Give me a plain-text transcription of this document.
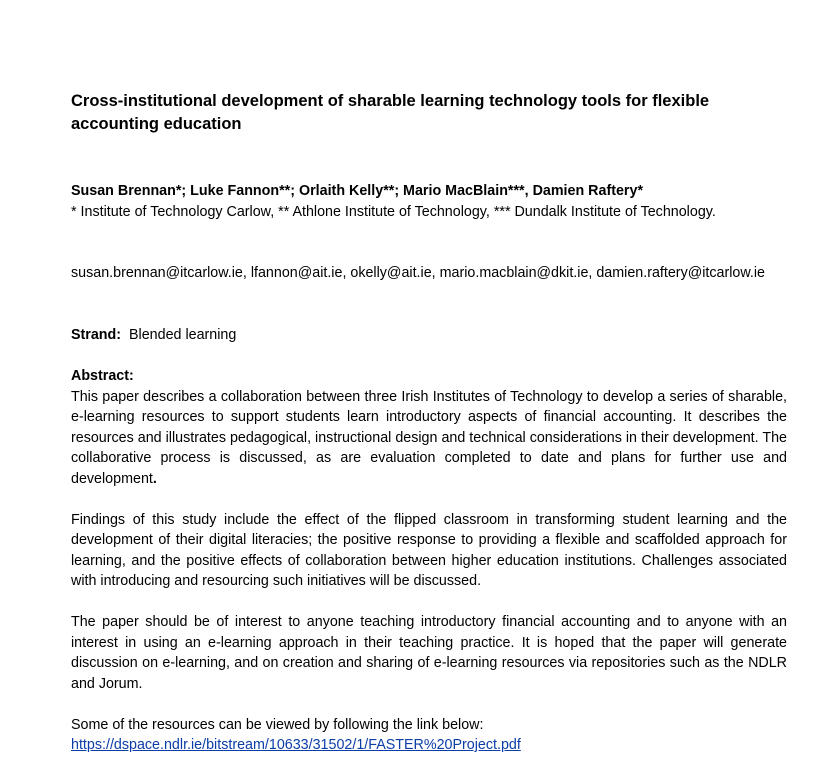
Cross-institutional development of sharable learning technology tools for flexible accounting education
Susan Brennan*; Luke Fannon**; Orlaith Kelly**; Mario MacBlain***, Damien Raftery*
* Institute of Technology Carlow, ** Athlone Institute of Technology, *** Dundalk Institute of Technology.
susan.brennan@itcarlow.ie, lfannon@ait.ie, okelly@ait.ie, mario.macblain@dkit.ie, damien.raftery@itcarlow.ie
Strand: Blended learning
Abstract:

This paper describes a collaboration between three Irish Institutes of Technology to develop a series of sharable, e-learning resources to support students learn introductory aspects of financial accounting. It describes the resources and illustrates pedagogical, instructional design and technical considerations in their development. The collaborative process is discussed, as are evaluation completed to date and plans for further use and development.

Findings of this study include the effect of the flipped classroom in transforming student learning and the development of their digital literacies; the positive response to providing a flexible and scaffolded approach for learning, and the positive effects of collaboration between higher education institutions. Challenges associated with introducing and resourcing such initiatives will be discussed.

The paper should be of interest to anyone teaching introductory financial accounting and to anyone with an interest in using an e-learning approach in their teaching practice. It is hoped that the paper will generate discussion on e-learning, and on creation and sharing of e-learning resources via repositories such as the NDLR and Jorum.

Some of the resources can be viewed by following the link below:
https://dspace.ndlr.ie/bitstream/10633/31502/1/FASTER%20Project.pdf
